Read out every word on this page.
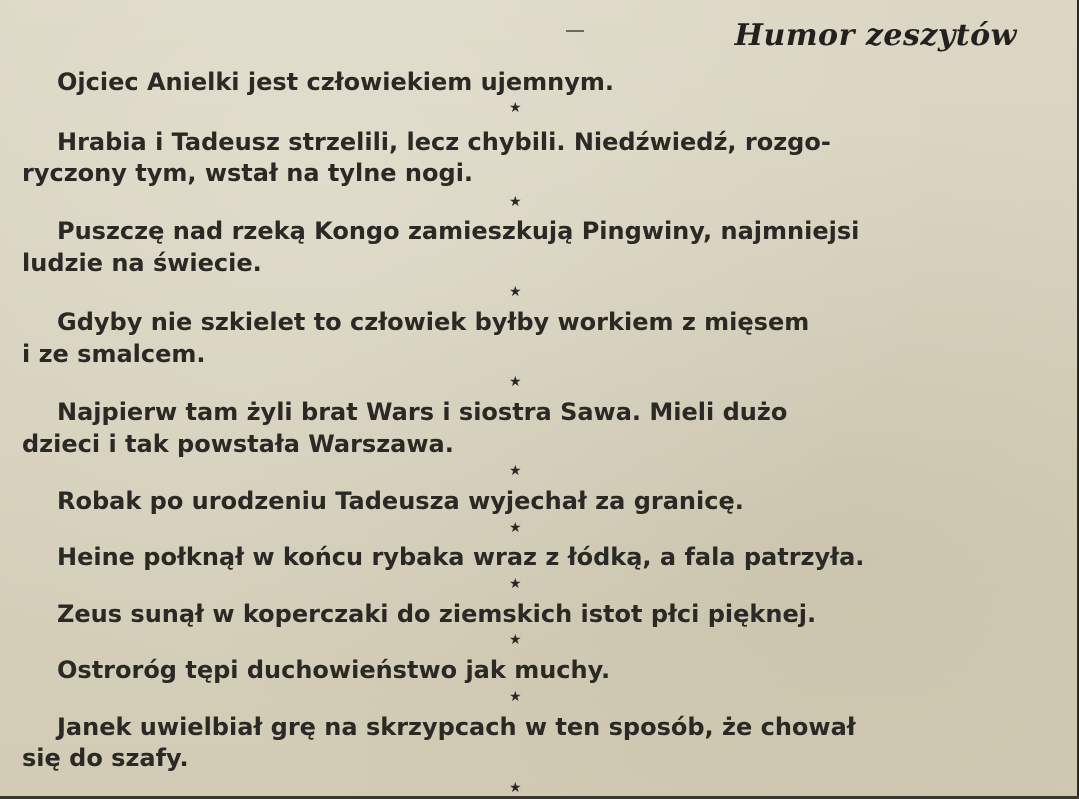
Humor zeszytów
Ojciec Anielki jest człowiekiem ujemnym.
★
Hrabia i Tadeusz strzelili, lecz chybili. Niedźwiedź, rozgo-
ryczony tym, wstał na tylne nogi.
★
Puszczę nad rzeką Kongo zamieszkują Pingwiny, najmniejsi
ludzie na świecie.
★
Gdyby nie szkielet to człowiek byłby workiem z mięsem
i ze smalcem.
★
Najpierw tam żyli brat Wars i siostra Sawa. Mieli dużo
dzieci i tak powstała Warszawa.
★
Robak po urodzeniu Tadeusza wyjechał za granicę.
★
Heine połknął w końcu rybaka wraz z łódką, a fala patrzyła.
★
Zeus sunął w koperczaki do ziemskich istot płci pięknej.
★
Ostroróg tępi duchowieństwo jak muchy.
★
Janek uwielbiał grę na skrzypcach w ten sposób, że chował
się do szafy.
★
